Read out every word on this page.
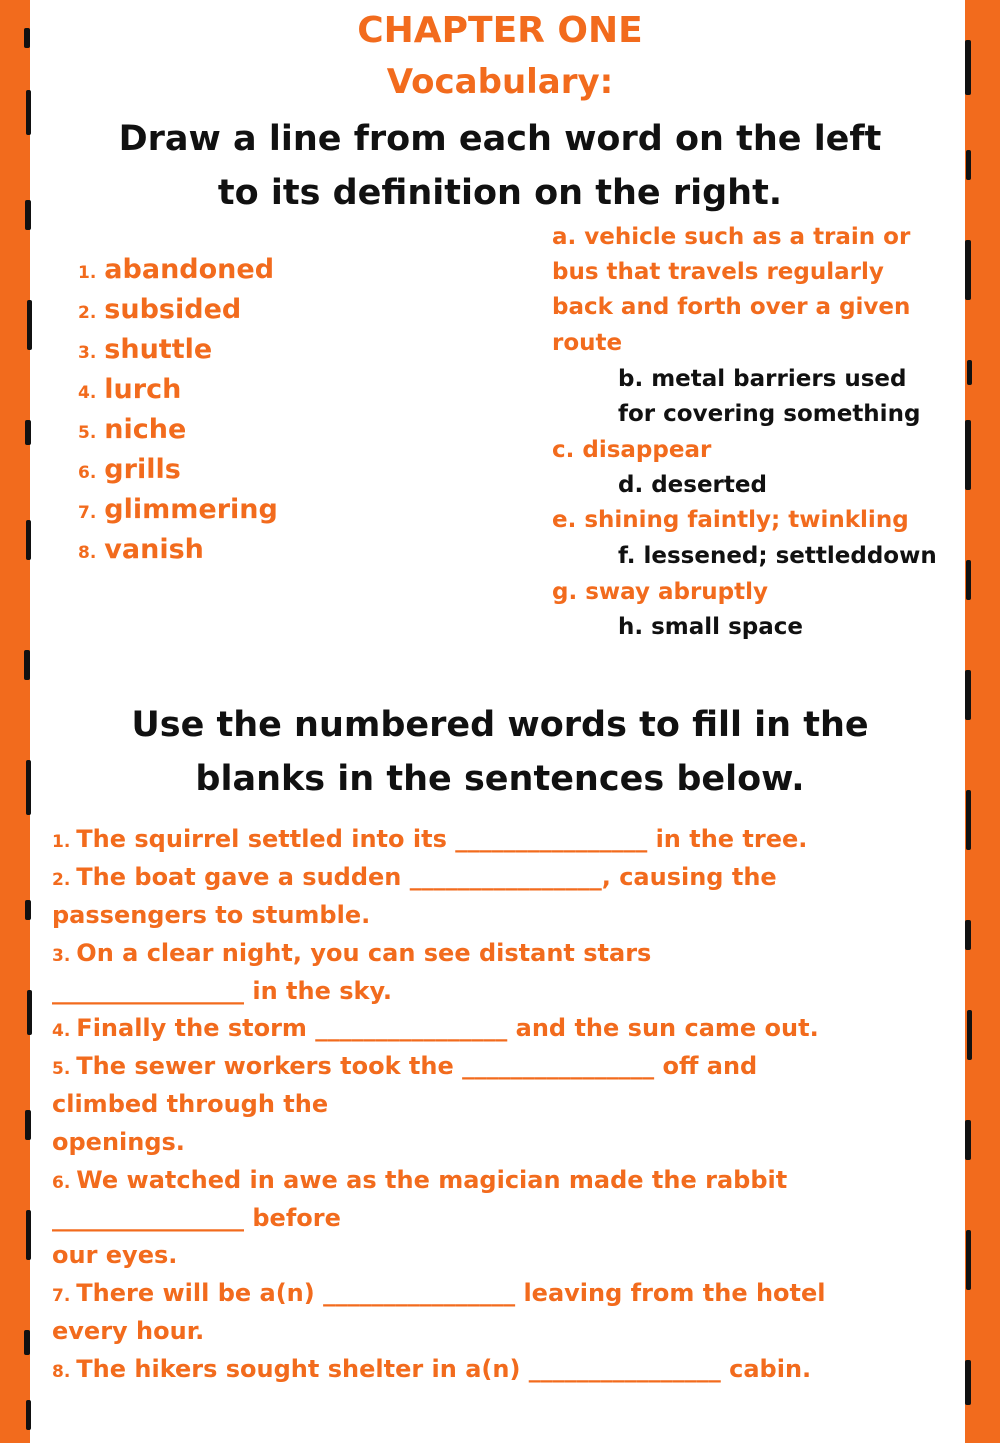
CHAPTER ONE
Vocabulary:
Draw a line from each word on the left
to its definition on the right.
1. abandoned
2. subsided
3. shuttle
4. lurch
5. niche
6. grills
7. glimmering
8. vanish
a. vehicle such as a train or
bus that travels regularly
back and forth over a given
route
b. metal barriers used
for covering something
c. disappear
d. deserted
e. shining faintly; twinkling
f. lessened; settleddown
g. sway abruptly
h. small space
Use the numbered words to fill in the
blanks in the sentences below.
1. The squirrel settled into its ________________ in the tree.
2. The boat gave a sudden ________________, causing the
passengers to stumble.
3. On a clear night, you can see distant stars
________________ in the sky.
4. Finally the storm ________________ and the sun came out.
5. The sewer workers took the ________________ off and
climbed through the
openings.
6. We watched in awe as the magician made the rabbit
________________ before
our eyes.
7. There will be a(n) ________________ leaving from the hotel
every hour.
8. The hikers sought shelter in a(n) ________________ cabin.
